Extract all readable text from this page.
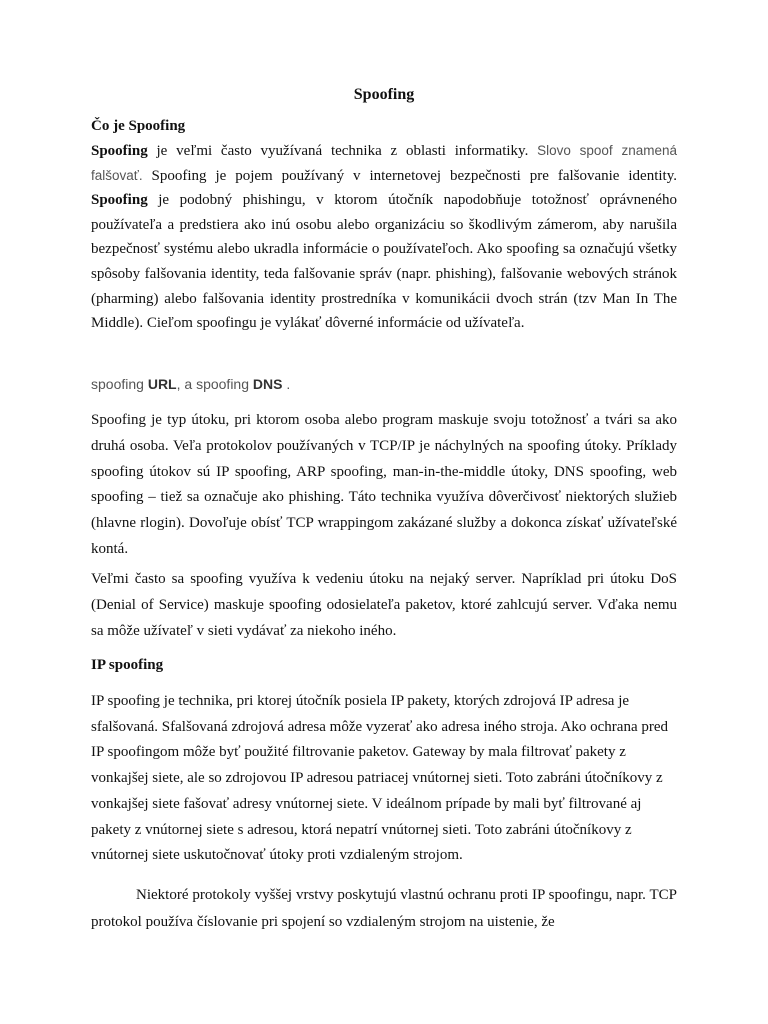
Spoofing
Čo je Spoofing

Spoofing je veľmi často využívaná technika z oblasti informatiky. Slovo spoof znamená falšovať. Spoofing je pojem používaný v internetovej bezpečnosti pre falšovanie identity. Spoofing je podobný phishingu, v ktorom útočník napodobňuje totožnosť oprávneného používateľa a predstiera ako inú osobu alebo organizáciu so škodlivým zámerom, aby narušila bezpečnosť systému alebo ukradla informácie o používateľoch. Ako spoofing sa označujú všetky spôsoby falšovania identity, teda falšovanie správ (napr. phishing), falšovanie webových stránok (pharming) alebo falšovania identity prostredníka v komunikácii dvoch strán (tzv Man In The Middle). Cieľom spoofingu je vylákať dôverné informácie od užívateľa.

spoofing URL, a spoofing DNS .

Spoofing je typ útoku, pri ktorom osoba alebo program maskuje svoju totožnosť a tvári sa ako druhá osoba. Veľa protokolov používaných v TCP/IP je náchylných na spoofing útoky. Príklady spoofing útokov sú IP spoofing, ARP spoofing, man-in-the-middle útoky, DNS spoofing, web spoofing – tiež sa označuje ako phishing. Táto technika využíva dôverčivosť niektorých služieb (hlavne rlogin). Dovoľuje obísť TCP wrappingom zakázané služby a dokonca získať užívateľské kontá.

Veľmi často sa spoofing využíva k vedeniu útoku na nejaký server. Napríklad pri útoku DoS (Denial of Service) maskuje spoofing odosielateľa paketov, ktoré zahlcujú server. Vďaka nemu sa môže užívateľ v sieti vydávať za niekoho iného.

IP spoofing

IP spoofing je technika, pri ktorej útočník posiela IP pakety, ktorých zdrojová IP adresa je sfalšovaná. Sfalšovaná zdrojová adresa môže vyzerať ako adresa iného stroja. Ako ochrana pred IP spoofingom môže byť použité filtrovanie paketov. Gateway by mala filtrovať pakety z vonkajšej siete, ale so zdrojovou IP adresou patriacej vnútornej sieti. Toto zabráni útočníkovy z vonkajšej siete fašovať adresy vnútornej siete. V ideálnom prípade by mali byť filtrované aj pakety z vnútornej siete s adresou, ktorá nepatrí vnútornej sieti. Toto zabráni útočníkovy z vnútornej siete uskutočnovať útoky proti vzdialeným strojom.

Niektoré protokoly vyššej vrstvy poskytujú vlastnú ochranu proti IP spoofingu, napr. TCP protokol používa číslovanie pri spojení so vzdialeným strojom na uistenie, že
